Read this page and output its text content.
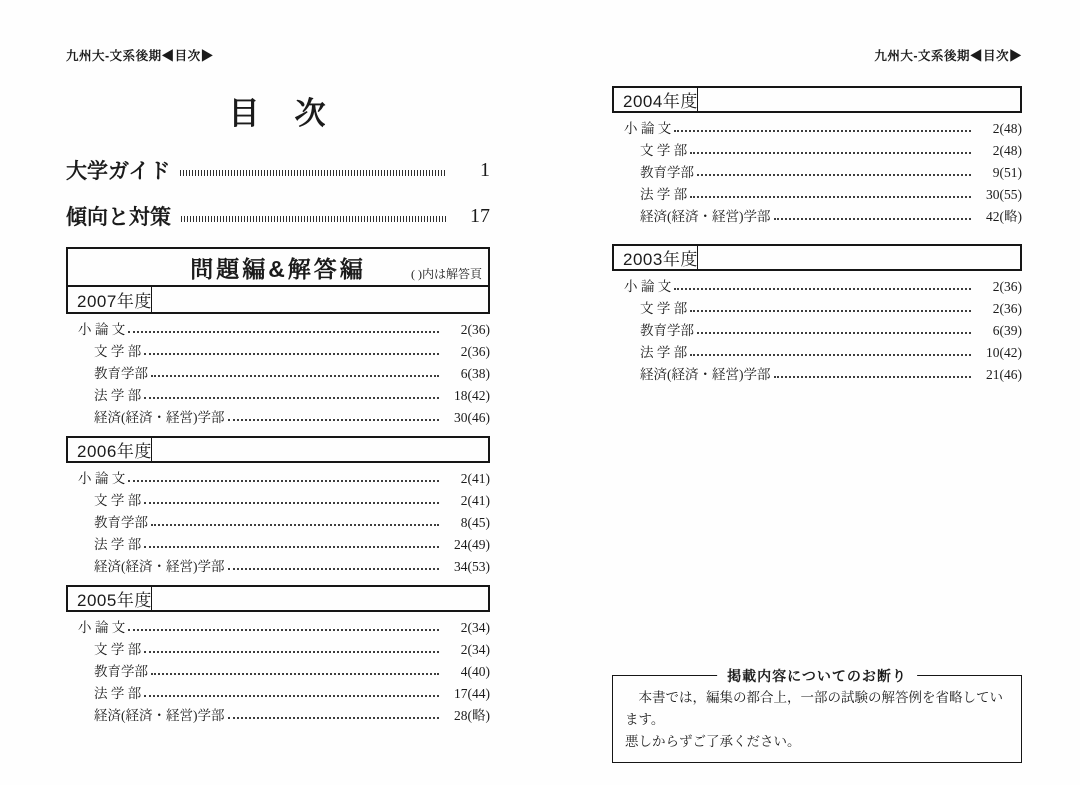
九州大-文系後期◀目次▶
目　次
大学ガイド	1
傾向と対策	17
問題編&解答編	( )内は解答頁
2007年度
小 論 文	2(36)
文 学 部	2(36)
教育学部	6(38)
法 学 部	18(42)
経済(経済・経営)学部	30(46)
2006年度
小 論 文	2(41)
文 学 部	2(41)
教育学部	8(45)
法 学 部	24(49)
経済(経済・経営)学部	34(53)
2005年度
小 論 文	2(34)
文 学 部	2(34)
教育学部	4(40)
法 学 部	17(44)
経済(経済・経営)学部	28(略)
九州大-文系後期◀目次▶
2004年度
小 論 文	2(48)
文 学 部	2(48)
教育学部	9(51)
法 学 部	30(55)
経済(経済・経営)学部	42(略)
2003年度
小 論 文	2(36)
文 学 部	2(36)
教育学部	6(39)
法 学 部	10(42)
経済(経済・経営)学部	21(46)
掲載内容についてのお断り
本書では，編集の都合上，一部の試験の解答例を省略しています。
悪しからずご了承ください。
